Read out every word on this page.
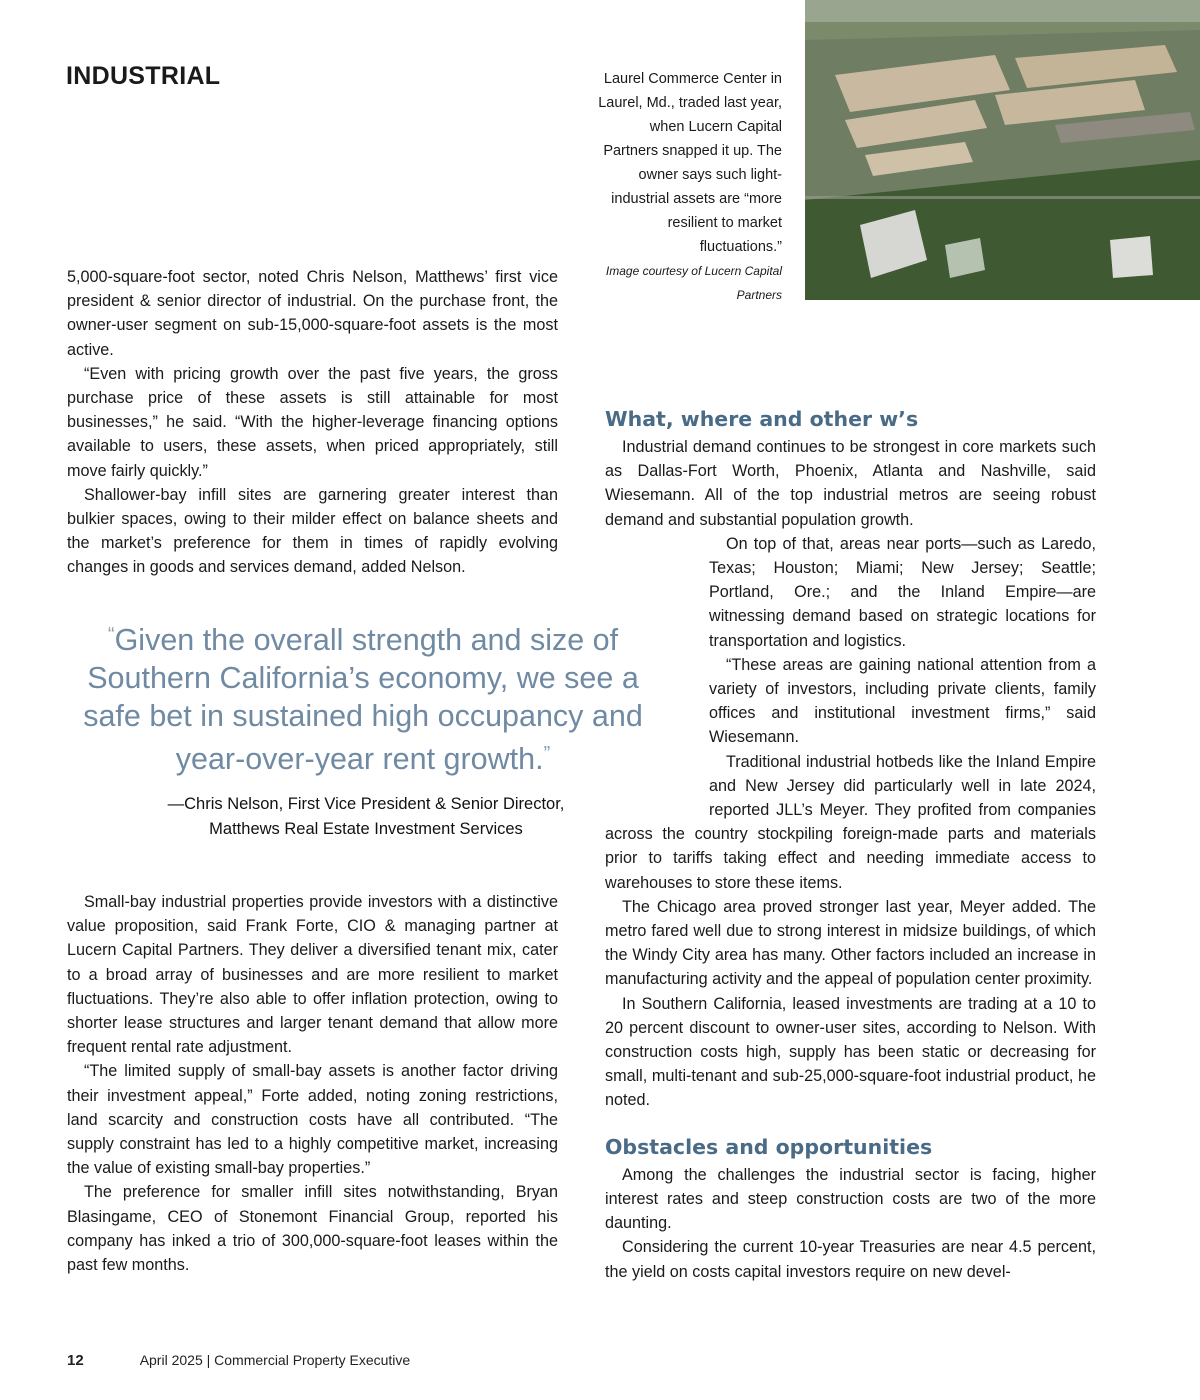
INDUSTRIAL	Laurel Commerce Center in Laurel, Md., traded last year, when Lucern Capital Partners snapped it up. The owner says such light-industrial assets are “more resilient to market fluctuations.”
Image courtesy of Lucern Capital Partners

5,000-square-foot sector, noted Chris Nelson, Matthews’ first vice president & senior director of industrial. On the purchase front, the owner-user segment on sub-15,000-square-foot assets is the most active.

“Even with pricing growth over the past five years, the gross purchase price of these assets is still attainable for most businesses,” he said. “With the higher-leverage financing options available to users, these assets, when priced appropriately, still move fairly quickly.”

Shallower-bay infill sites are garnering greater interest than bulkier spaces, owing to their milder effect on balance sheets and the market’s preference for them in times of rapidly evolving changes in goods and services demand, added Nelson.

“Given the overall strength and size of Southern California’s economy, we see a safe bet in sustained high occupancy and year-over-year rent growth.”
—Chris Nelson, First Vice President & Senior Director,
Matthews Real Estate Investment Services

Small-bay industrial properties provide investors with a distinctive value proposition, said Frank Forte, CIO & managing partner at Lucern Capital Partners. They deliver a diversified tenant mix, cater to a broad array of businesses and are more resilient to market fluctuations. They’re also able to offer inflation protection, owing to shorter lease structures and larger tenant demand that allow more frequent rental rate adjustment.

“The limited supply of small-bay assets is another factor driving their investment appeal,” Forte added, noting zoning restrictions, land scarcity and construction costs have all contributed. “The supply constraint has led to a highly competitive market, increasing the value of existing small-bay properties.”

The preference for smaller infill sites notwithstanding, Bryan Blasingame, CEO of Stonemont Financial Group, reported his company has inked a trio of 300,000-square-foot leases within the past few months.

What, where and other w’s

Industrial demand continues to be strongest in core markets such as Dallas-Fort Worth, Phoenix, Atlanta and Nashville, said Wiesemann. All of the top industrial metros are seeing robust demand and substantial population growth.

On top of that, areas near ports—such as Laredo, Texas; Houston; Miami; New Jersey; Seattle; Portland, Ore.; and the Inland Empire—are witnessing demand based on strategic locations for transportation and logistics.

“These areas are gaining national attention from a variety of investors, including private clients, family offices and institutional investment firms,” said Wiesemann.

Traditional industrial hotbeds like the Inland Empire and New Jersey did particularly well in late 2024, reported JLL’s Meyer. They profited from companies across the country stockpiling foreign-made parts and materials prior to tariffs taking effect and needing immediate access to warehouses to store these items.

The Chicago area proved stronger last year, Meyer added. The metro fared well due to strong interest in midsize buildings, of which the Windy City area has many. Other factors included an increase in manufacturing activity and the appeal of population center proximity.

In Southern California, leased investments are trading at a 10 to 20 percent discount to owner-user sites, according to Nelson. With construction costs high, supply has been static or decreasing for small, multi-tenant and sub-25,000-square-foot industrial product, he noted.

Obstacles and opportunities

Among the challenges the industrial sector is facing, higher interest rates and steep construction costs are two of the more daunting.

Considering the current 10-year Treasuries are near 4.5 percent, the yield on costs capital investors require on new devel-

12	April 2025 | Commercial Property Executive
